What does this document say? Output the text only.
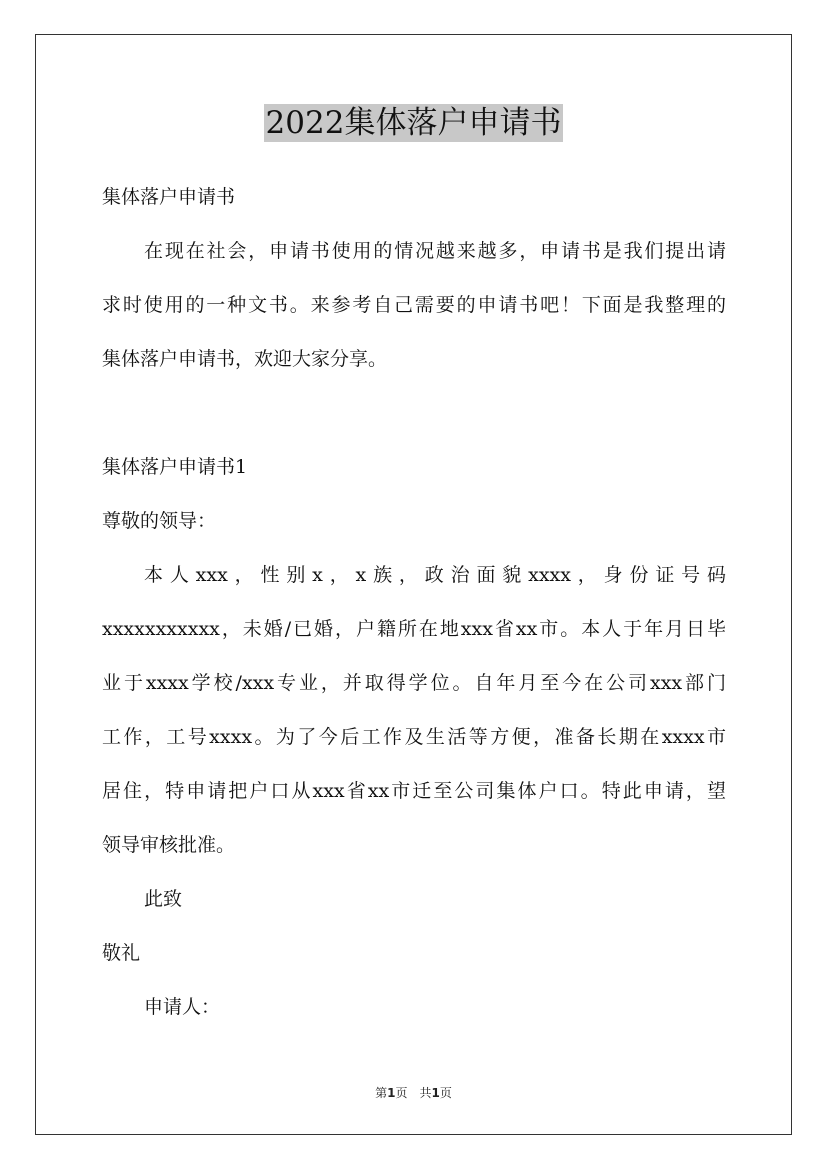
2022集体落户申请书
集体落户申请书
在现在社会，申请书使用的情况越来越多，申请书是我们提出请
求时使用的一种文书。来参考自己需要的申请书吧！下面是我整理的
集体落户申请书，欢迎大家分享。
集体落户申请书1
尊敬的领导：
本人xxx，性别x，x族，政治面貌xxxx，身份证号码
xxxxxxxxxxx，未婚/已婚，户籍所在地xxx省xx市。本人于年月日毕
业于xxxx学校/xxx专业，并取得学位。自年月至今在公司xxx部门
工作，工号xxxx。为了今后工作及生活等方便，准备长期在xxxx市
居住，特申请把户口从xxx省xx市迁至公司集体户口。特此申请，望
领导审核批准。
此致
敬礼
申请人：
第1页　共1页
